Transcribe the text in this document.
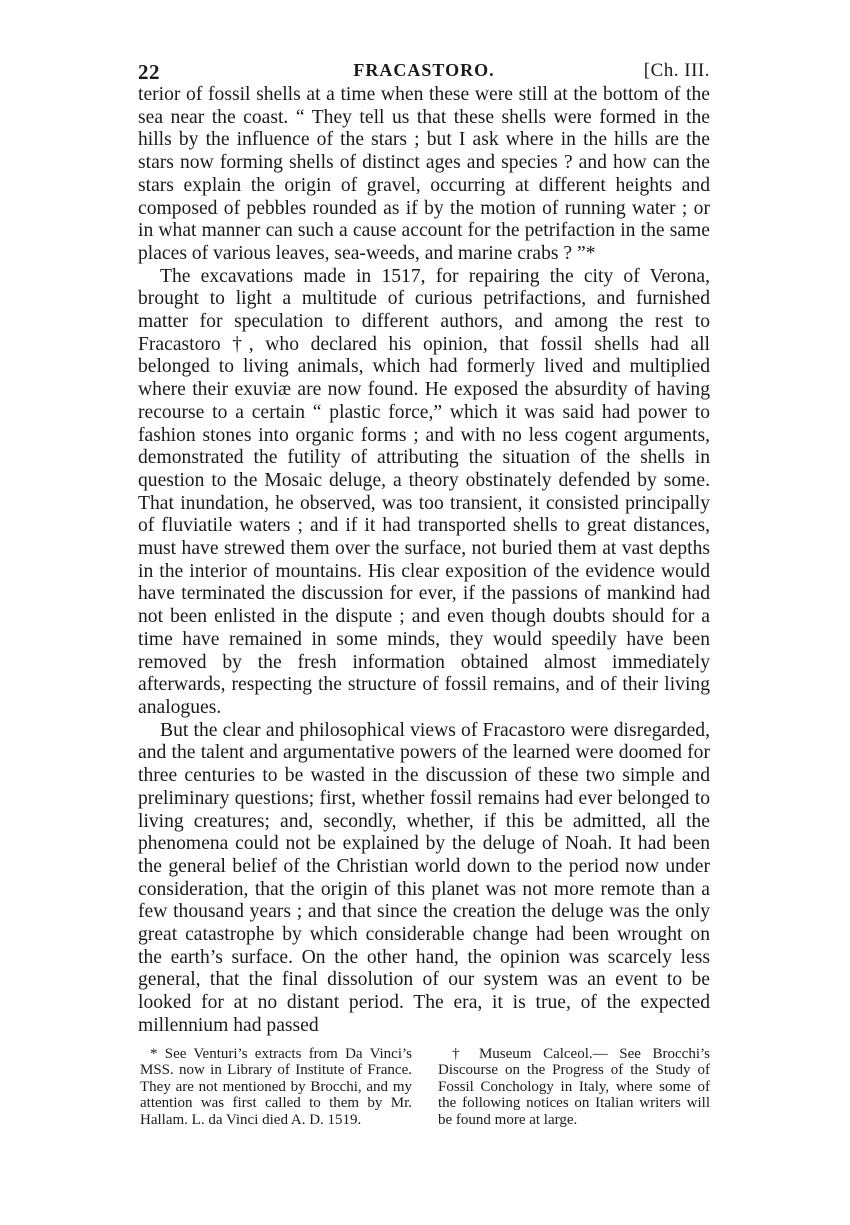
22	FRACASTORO.	[Ch. III.

terior of fossil shells at a time when these were still at the bottom of the sea near the coast. “ They tell us that these shells were formed in the hills by the influence of the stars ; but I ask where in the hills are the stars now forming shells of distinct ages and species ? and how can the stars explain the origin of gravel, occurring at different heights and composed of pebbles rounded as if by the motion of running water ; or in what manner can such a cause account for the petrifaction in the same places of various leaves, sea-weeds, and marine crabs ? ”*

The excavations made in 1517, for repairing the city of Verona, brought to light a multitude of curious petrifactions, and furnished matter for speculation to different authors, and among the rest to Fracastoro †, who declared his opinion, that fossil shells had all belonged to living animals, which had formerly lived and multiplied where their exuviæ are now found. He exposed the absurdity of having recourse to a certain “ plastic force,” which it was said had power to fashion stones into organic forms ; and with no less cogent arguments, demonstrated the futility of attributing the situation of the shells in question to the Mosaic deluge, a theory obstinately defended by some. That inundation, he observed, was too transient, it consisted principally of fluviatile waters ; and if it had transported shells to great distances, must have strewed them over the surface, not buried them at vast depths in the interior of mountains. His clear exposition of the evidence would have terminated the discussion for ever, if the passions of mankind had not been enlisted in the dispute ; and even though doubts should for a time have remained in some minds, they would speedily have been removed by the fresh information obtained almost immediately afterwards, respecting the structure of fossil remains, and of their living analogues.

But the clear and philosophical views of Fracastoro were disregarded, and the talent and argumentative powers of the learned were doomed for three centuries to be wasted in the discussion of these two simple and preliminary questions; first, whether fossil remains had ever belonged to living creatures; and, secondly, whether, if this be admitted, all the phenomena could not be explained by the deluge of Noah. It had been the general belief of the Christian world down to the period now under consideration, that the origin of this planet was not more remote than a few thousand years ; and that since the creation the deluge was the only great catastrophe by which considerable change had been wrought on the earth’s surface. On the other hand, the opinion was scarcely less general, that the final dissolution of our system was an event to be looked for at no distant period. The era, it is true, of the expected millennium had passed

* See Venturi’s extracts from Da Vinci’s MSS. now in Library of Institute of France. They are not mentioned by Brocchi, and my attention was first called to them by Mr. Hallam. L. da Vinci died A. D. 1519.
† Museum Calceol.— See Brocchi’s Discourse on the Progress of the Study of Fossil Conchology in Italy, where some of the following notices on Italian writers will be found more at large.
